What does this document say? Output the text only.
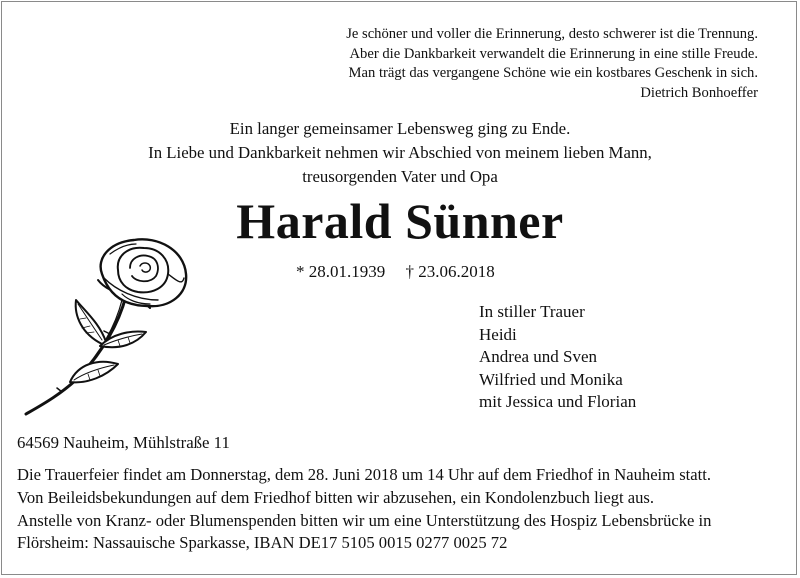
Je schöner und voller die Erinnerung, desto schwerer ist die Trennung.
Aber die Dankbarkeit verwandelt die Erinnerung in eine stille Freude.
Man trägt das vergangene Schöne wie ein kostbares Geschenk in sich.
Dietrich Bonhoeffer
Ein langer gemeinsamer Lebensweg ging zu Ende.
In Liebe und Dankbarkeit nehmen wir Abschied von meinem lieben Mann,
treusorgenden Vater und Opa
Harald Sünner
* 28.01.1939 † 23.06.2018
In stiller Trauer
Heidi
Andrea und Sven
Wilfried und Monika
mit Jessica und Florian
64569 Nauheim, Mühlstraße 11
Die Trauerfeier findet am Donnerstag, dem 28. Juni 2018 um 14 Uhr auf dem Friedhof in Nauheim statt.
Von Beileidsbekundungen auf dem Friedhof bitten wir abzusehen, ein Kondolenzbuch liegt aus.
Anstelle von Kranz- oder Blumenspenden bitten wir um eine Unterstützung des Hospiz Lebensbrücke in
Flörsheim: Nassauische Sparkasse, IBAN DE17 5105 0015 0277 0025 72
